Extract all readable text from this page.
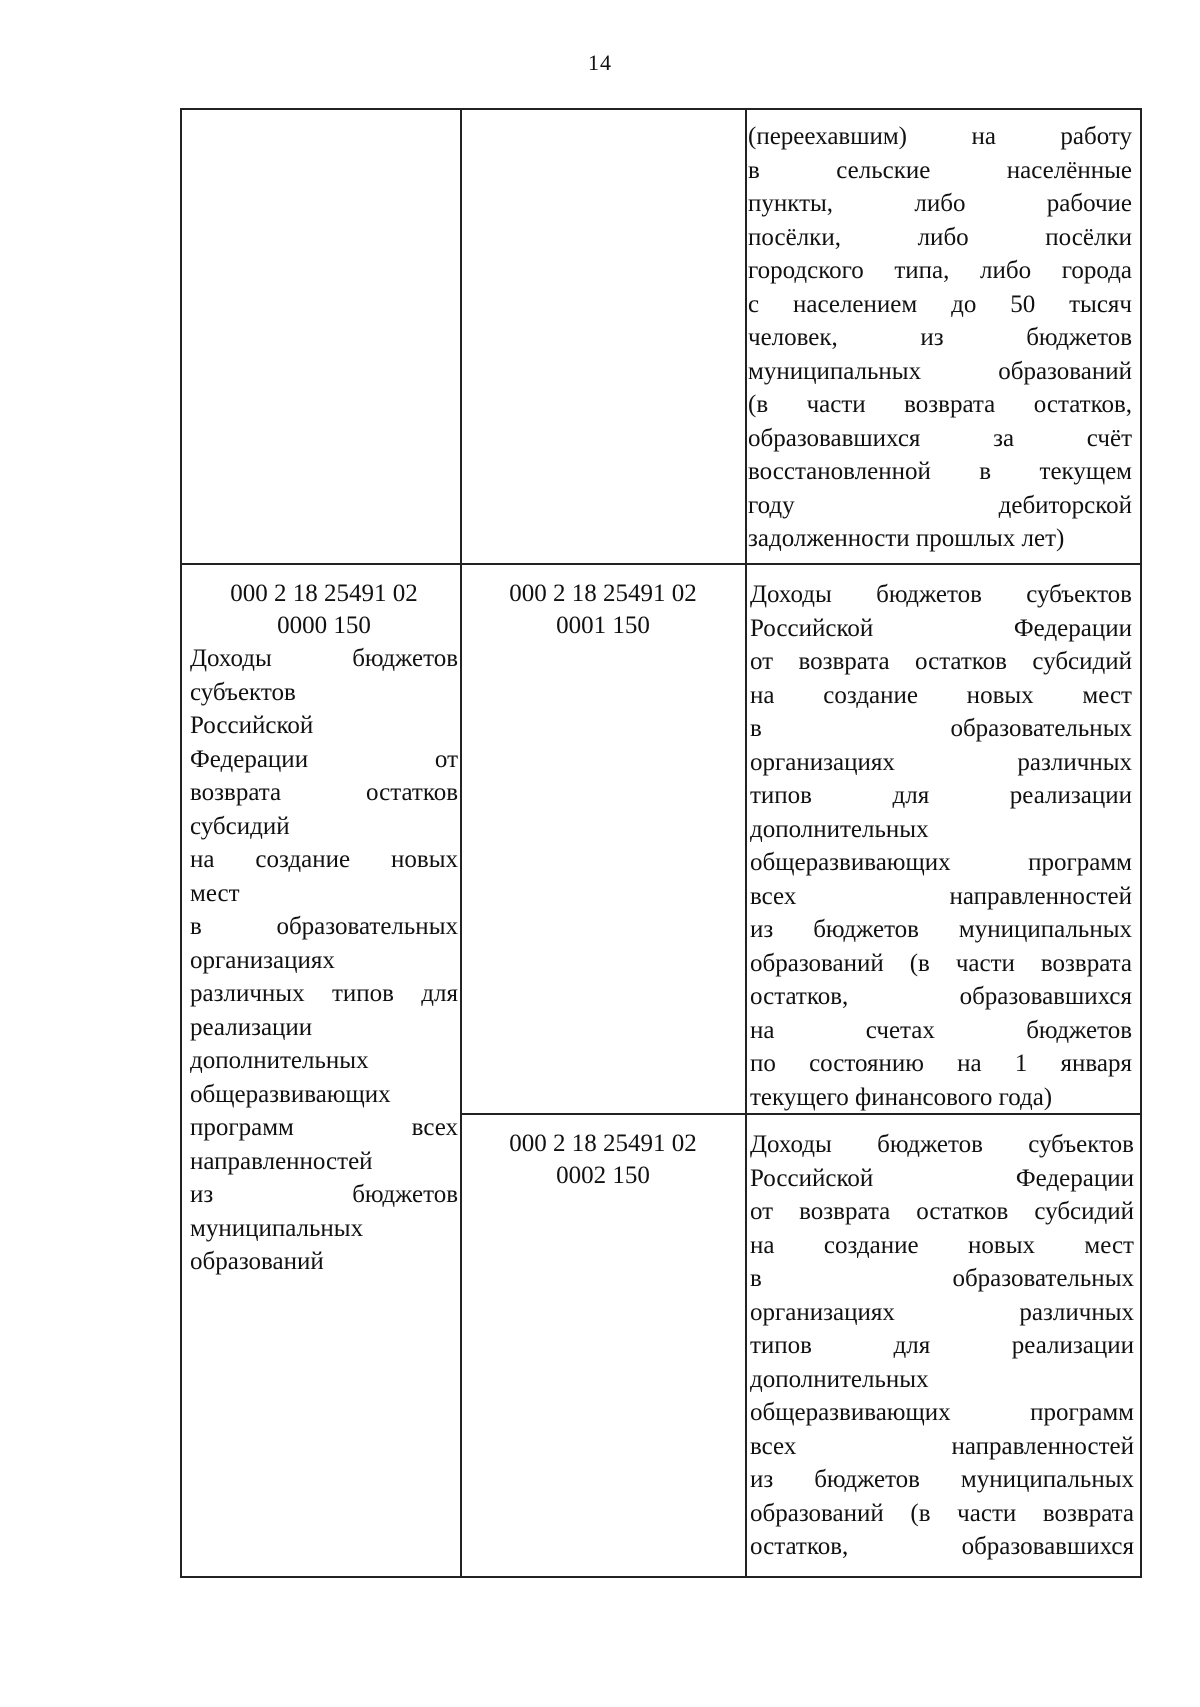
14

(переехавшим) на работу

в сельские населённые

пункты, либо рабочие

посёлки, либо посёлки

городского типа, либо города

с населением до 50 тысяч

человек, из бюджетов

муниципальных образований

(в части возврата остатков,

образовавшихся за счёт

восстановленной в текущем

году дебиторской

задолженности прошлых лет)

000 2 18 25491 02

0000 150

Доходы бюджетов

субъектов

Российской

Федерации от

возврата остатков

субсидий

на создание новых

мест

в образовательных

организациях

различных типов для

реализации

дополнительных

общеразвивающих

программ всех

направленностей

из бюджетов

муниципальных

образований

000 2 18 25491 02

0001 150

Доходы бюджетов субъектов

Российской Федерации

от возврата остатков субсидий

на создание новых мест

в образовательных

организациях различных

типов для реализации

дополнительных

общеразвивающих программ

всех направленностей

из бюджетов муниципальных

образований (в части возврата

остатков, образовавшихся

на счетах бюджетов

по состоянию на 1 января

текущего финансового года)

000 2 18 25491 02

0002 150

Доходы бюджетов субъектов

Российской Федерации

от возврата остатков субсидий

на создание новых мест

в образовательных

организациях различных

типов для реализации

дополнительных

общеразвивающих программ

всех направленностей

из бюджетов муниципальных

образований (в части возврата

остатков, образовавшихся
